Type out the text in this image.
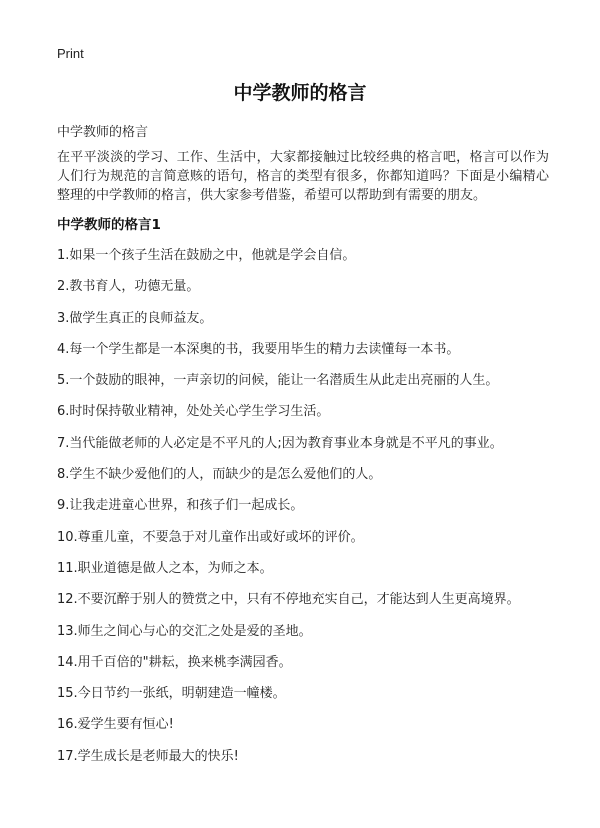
Print
中学教师的格言

中学教师的格言

在平平淡淡的学习、工作、生活中，大家都接触过比较经典的格言吧，格言可以作为人们行为规范的言简意赅的语句，格言的类型有很多，你都知道吗？下面是小编精心整理的中学教师的格言，供大家参考借鉴，希望可以帮助到有需要的朋友。

中学教师的格言1
1.如果一个孩子生活在鼓励之中，他就是学会自信。
2.教书育人，功德无量。
3.做学生真正的良师益友。
4.每一个学生都是一本深奥的书，我要用毕生的精力去读懂每一本书。
5.一个鼓励的眼神，一声亲切的问候，能让一名潜质生从此走出亮丽的人生。
6.时时保持敬业精神，处处关心学生学习生活。
7.当代能做老师的人必定是不平凡的人;因为教育事业本身就是不平凡的事业。
8.学生不缺少爱他们的人，而缺少的是怎么爱他们的人。
9.让我走进童心世界，和孩子们一起成长。
10.尊重儿童，不要急于对儿童作出或好或坏的评价。
11.职业道德是做人之本，为师之本。
12.不要沉醉于别人的赞赏之中，只有不停地充实自己，才能达到人生更高境界。
13.师生之间心与心的交汇之处是爱的圣地。
14.用千百倍的"耕耘，换来桃李满园香。
15.今日节约一张纸，明朝建造一幢楼。
16.爱学生要有恒心!
17.学生成长是老师最大的快乐!
